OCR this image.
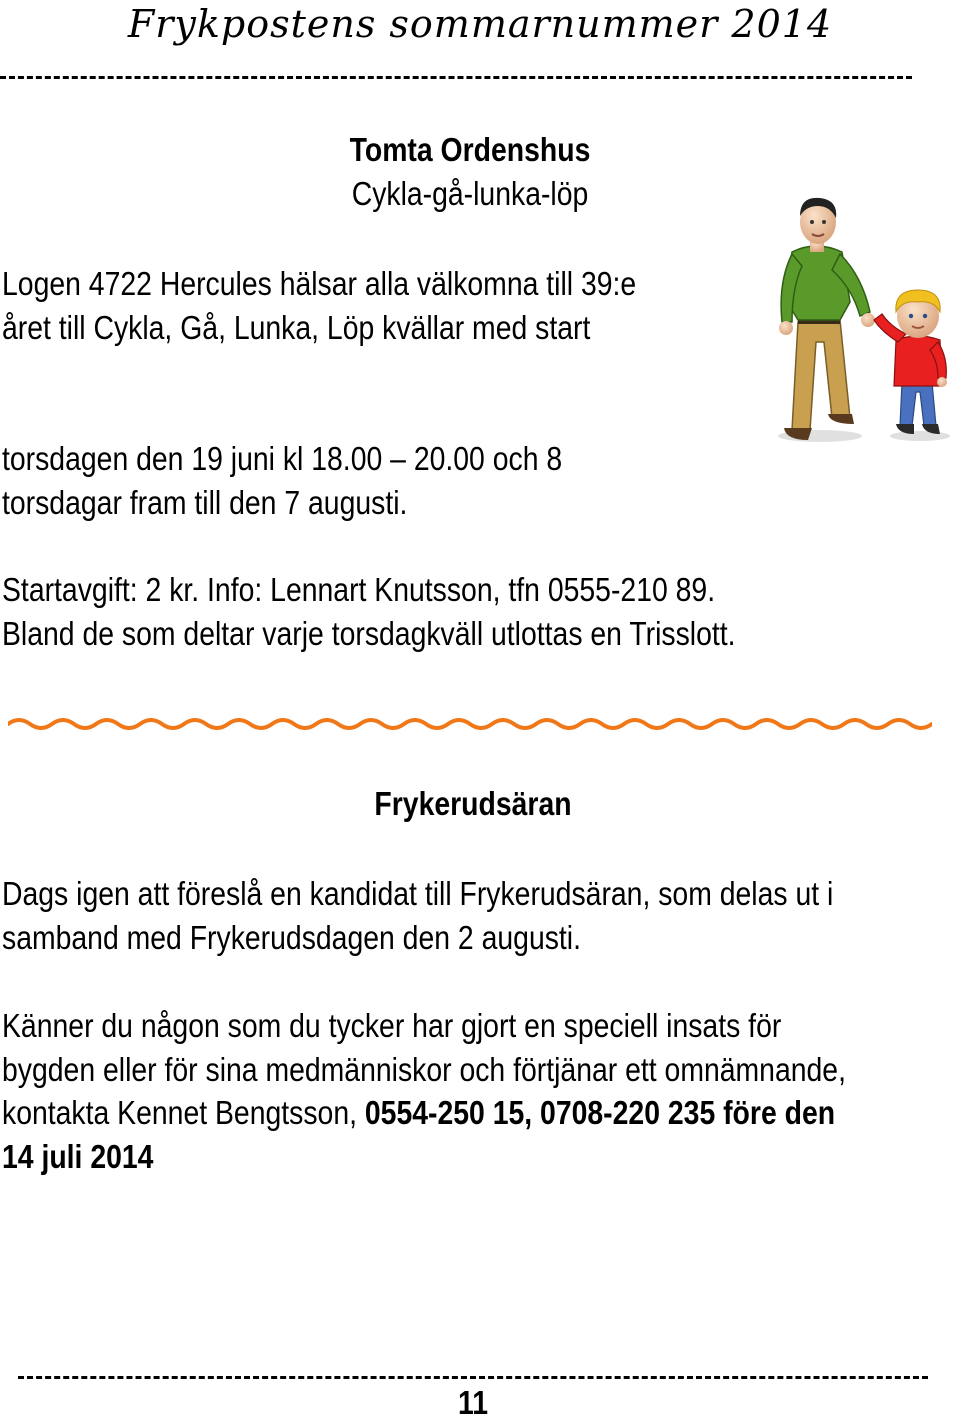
Frykpostens sommarnummer 2014
Tomta Ordenshus
Cykla-gå-lunka-löp
Logen 4722 Hercules hälsar alla välkomna till 39:e
året till Cykla, Gå, Lunka, Löp kvällar med start
torsdagen den 19 juni kl 18.00 – 20.00 och 8
torsdagar fram till den 7 augusti.
Startavgift: 2 kr. Info: Lennart Knutsson, tfn 0555-210 89.
Bland de som deltar varje torsdagkväll utlottas en Trisslott.
Frykerudsäran
Dags igen att föreslå en kandidat till Frykerudsäran, som delas ut i
samband med Frykerudsdagen den 2 augusti.
Känner du någon som du tycker har gjort en speciell insats för
bygden eller för sina medmänniskor och förtjänar ett omnämnande,
kontakta Kennet Bengtsson, 0554-250 15, 0708-220 235 före den
14 juli 2014
11
